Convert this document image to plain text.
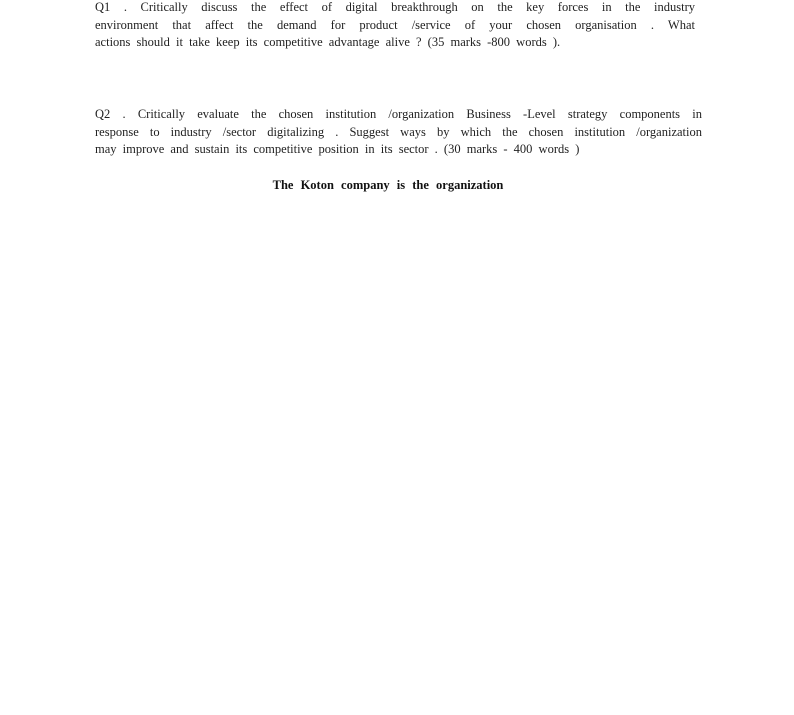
Q1 . Critically discuss the effect of digital breakthrough on the key forces in the industry
environment that affect the demand for product /service of your chosen organisation . What
actions should it take keep its competitive advantage alive ? (35 marks -800 words ).
Q2 . Critically evaluate the chosen institution /organization Business -Level strategy components in
response to industry /sector digitalizing . Suggest ways by which the chosen institution /organization
may improve and sustain its competitive position in its sector . (30 marks - 400 words )
The Koton company is the organization
